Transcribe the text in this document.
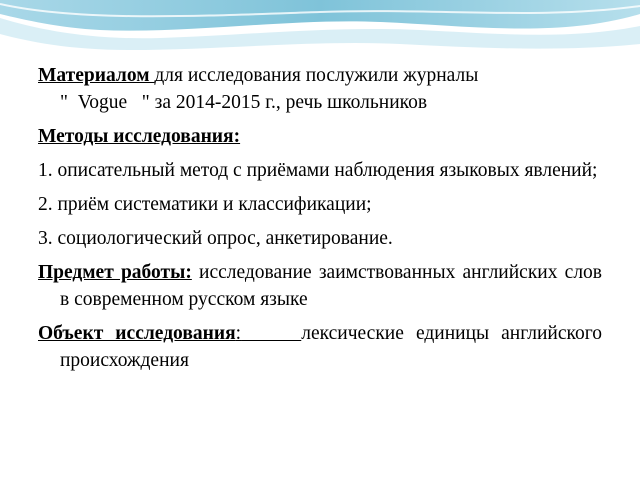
Материалом для исследования послужили журналы
"  Vogue   " за 2014-2015 г., речь школьников

Методы исследования:

1. описательный метод с приёмами наблюдения языковых явлений;

2. приём систематики и классификации;

3. социологический опрос, анкетирование.

Предмет работы: исследование заимствованных английских слов в современном русском языке

Объект исследования:	лексические единицы английского происхождения
